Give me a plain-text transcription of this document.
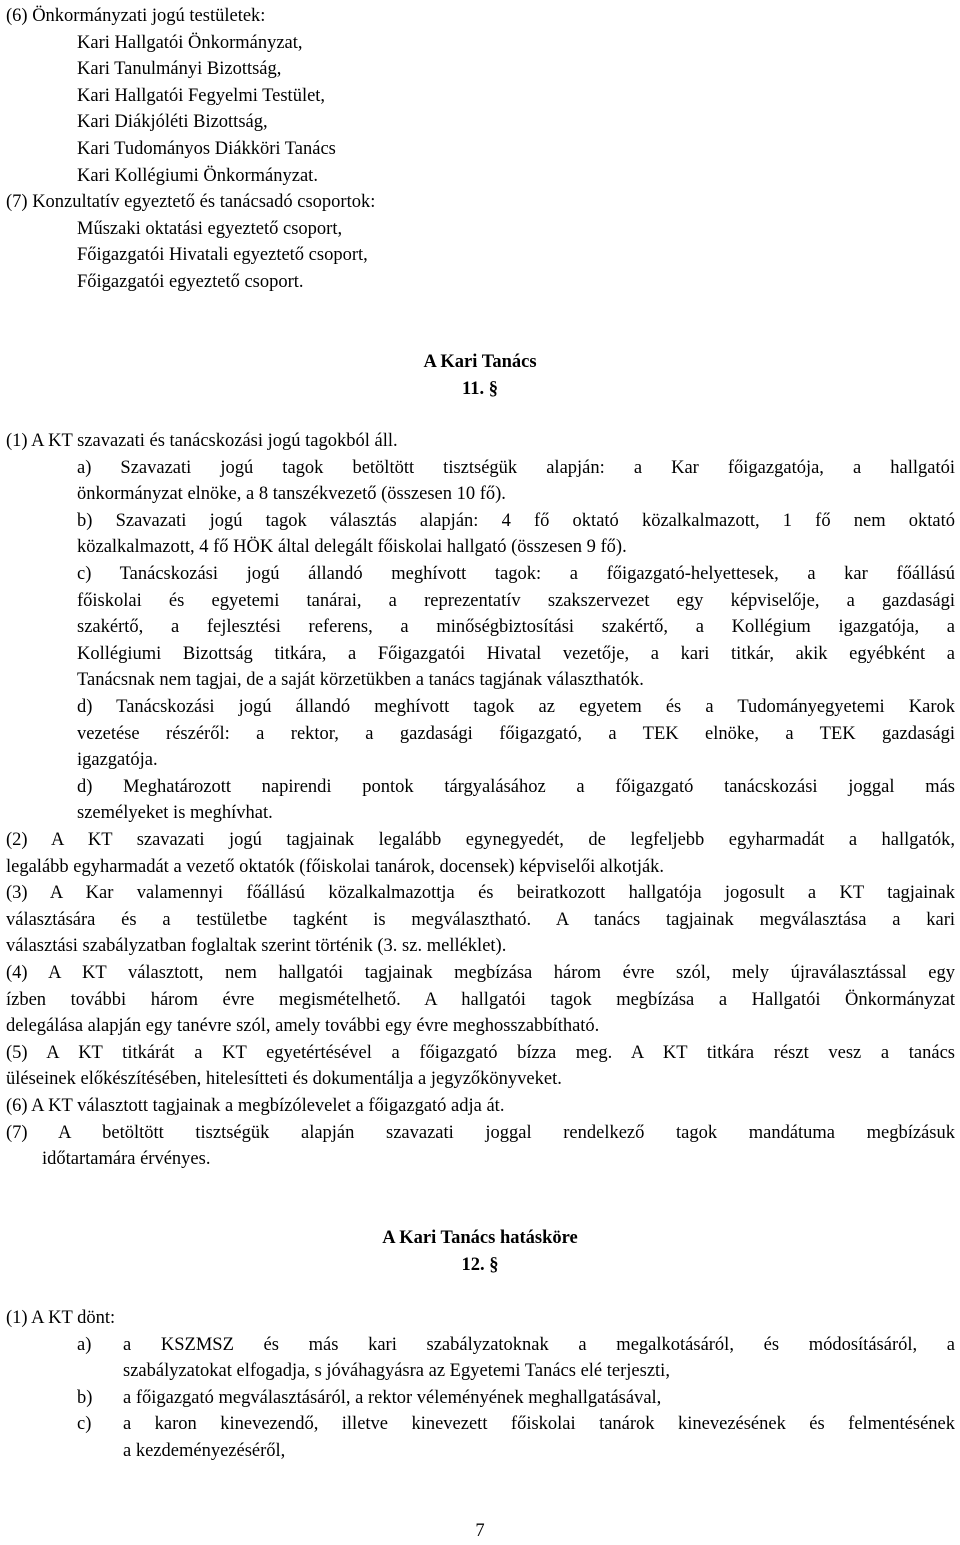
(6) Önkormányzati jogú testületek:
Kari Hallgatói Önkormányzat,
Kari Tanulmányi Bizottság,
Kari Hallgatói Fegyelmi Testület,
Kari Diákjóléti Bizottság,
Kari Tudományos Diákköri Tanács
Kari Kollégiumi Önkormányzat.
(7) Konzultatív egyeztető és tanácsadó csoportok:
Műszaki oktatási egyeztető csoport,
Főigazgatói Hivatali egyeztető csoport,
Főigazgatói egyeztető csoport.
A Kari Tanács
11. §
(1) A KT szavazati és tanácskozási jogú tagokból áll.
a) Szavazati jogú tagok betöltött tisztségük alapján: a Kar főigazgatója, a hallgatói
önkormányzat elnöke, a 8 tanszékvezető (összesen 10 fő).
b) Szavazati jogú tagok választás alapján: 4 fő oktató közalkalmazott, 1 fő nem oktató
közalkalmazott, 4 fő HÖK által delegált főiskolai hallgató (összesen 9 fő).
c) Tanácskozási jogú állandó meghívott tagok: a főigazgató-helyettesek, a kar főállású
főiskolai és egyetemi tanárai, a reprezentatív szakszervezet egy képviselője, a gazdasági
szakértő, a fejlesztési referens, a minőségbiztosítási szakértő, a Kollégium igazgatója, a
Kollégiumi Bizottság titkára, a Főigazgatói Hivatal vezetője, a kari titkár, akik egyébként a
Tanácsnak nem tagjai, de a saját körzetükben a tanács tagjának választhatók.
d) Tanácskozási jogú állandó meghívott tagok az egyetem és a Tudományegyetemi Karok
vezetése részéről: a rektor, a gazdasági főigazgató, a TEK elnöke, a TEK gazdasági
igazgatója.
d) Meghatározott napirendi pontok tárgyalásához a főigazgató tanácskozási joggal más
személyeket is meghívhat.
(2) A KT szavazati jogú tagjainak legalább egynegyedét, de legfeljebb egyharmadát a hallgatók,
legalább egyharmadát a vezető oktatók (főiskolai tanárok, docensek) képviselői alkotják.
(3) A Kar valamennyi főállású közalkalmazottja és beiratkozott hallgatója jogosult a KT tagjainak
választására és a testületbe tagként is megválasztható. A tanács tagjainak megválasztása a kari
választási szabályzatban foglaltak szerint történik (3. sz. melléklet).
(4) A KT választott, nem hallgatói tagjainak megbízása három évre szól, mely újraválasztással egy
ízben további három évre megismételhető. A hallgatói tagok megbízása a Hallgatói Önkormányzat
delegálása alapján egy tanévre szól, amely további egy évre meghosszabbítható.
(5) A KT titkárát a KT egyetértésével a főigazgató bízza meg. A KT titkára részt vesz a tanács
üléseinek előkészítésében, hitelesítteti és dokumentálja a jegyzőkönyveket.
(6) A KT választott tagjainak a megbízólevelet a főigazgató adja át.
(7) A betöltött tisztségük alapján szavazati joggal rendelkező tagok mandátuma megbízásuk
időtartamára érvényes.
A Kari Tanács hatásköre
12. §
(1) A KT dönt:
a) a KSZMSZ és más kari szabályzatoknak a megalkotásáról, és módosításáról, a
szabályzatokat elfogadja, s jóváhagyásra az Egyetemi Tanács elé terjeszti,
b) a főigazgató megválasztásáról, a rektor véleményének meghallgatásával,
c) a karon kinevezendő, illetve kinevezett főiskolai tanárok kinevezésének és felmentésének
a kezdeményezéséről,
7
